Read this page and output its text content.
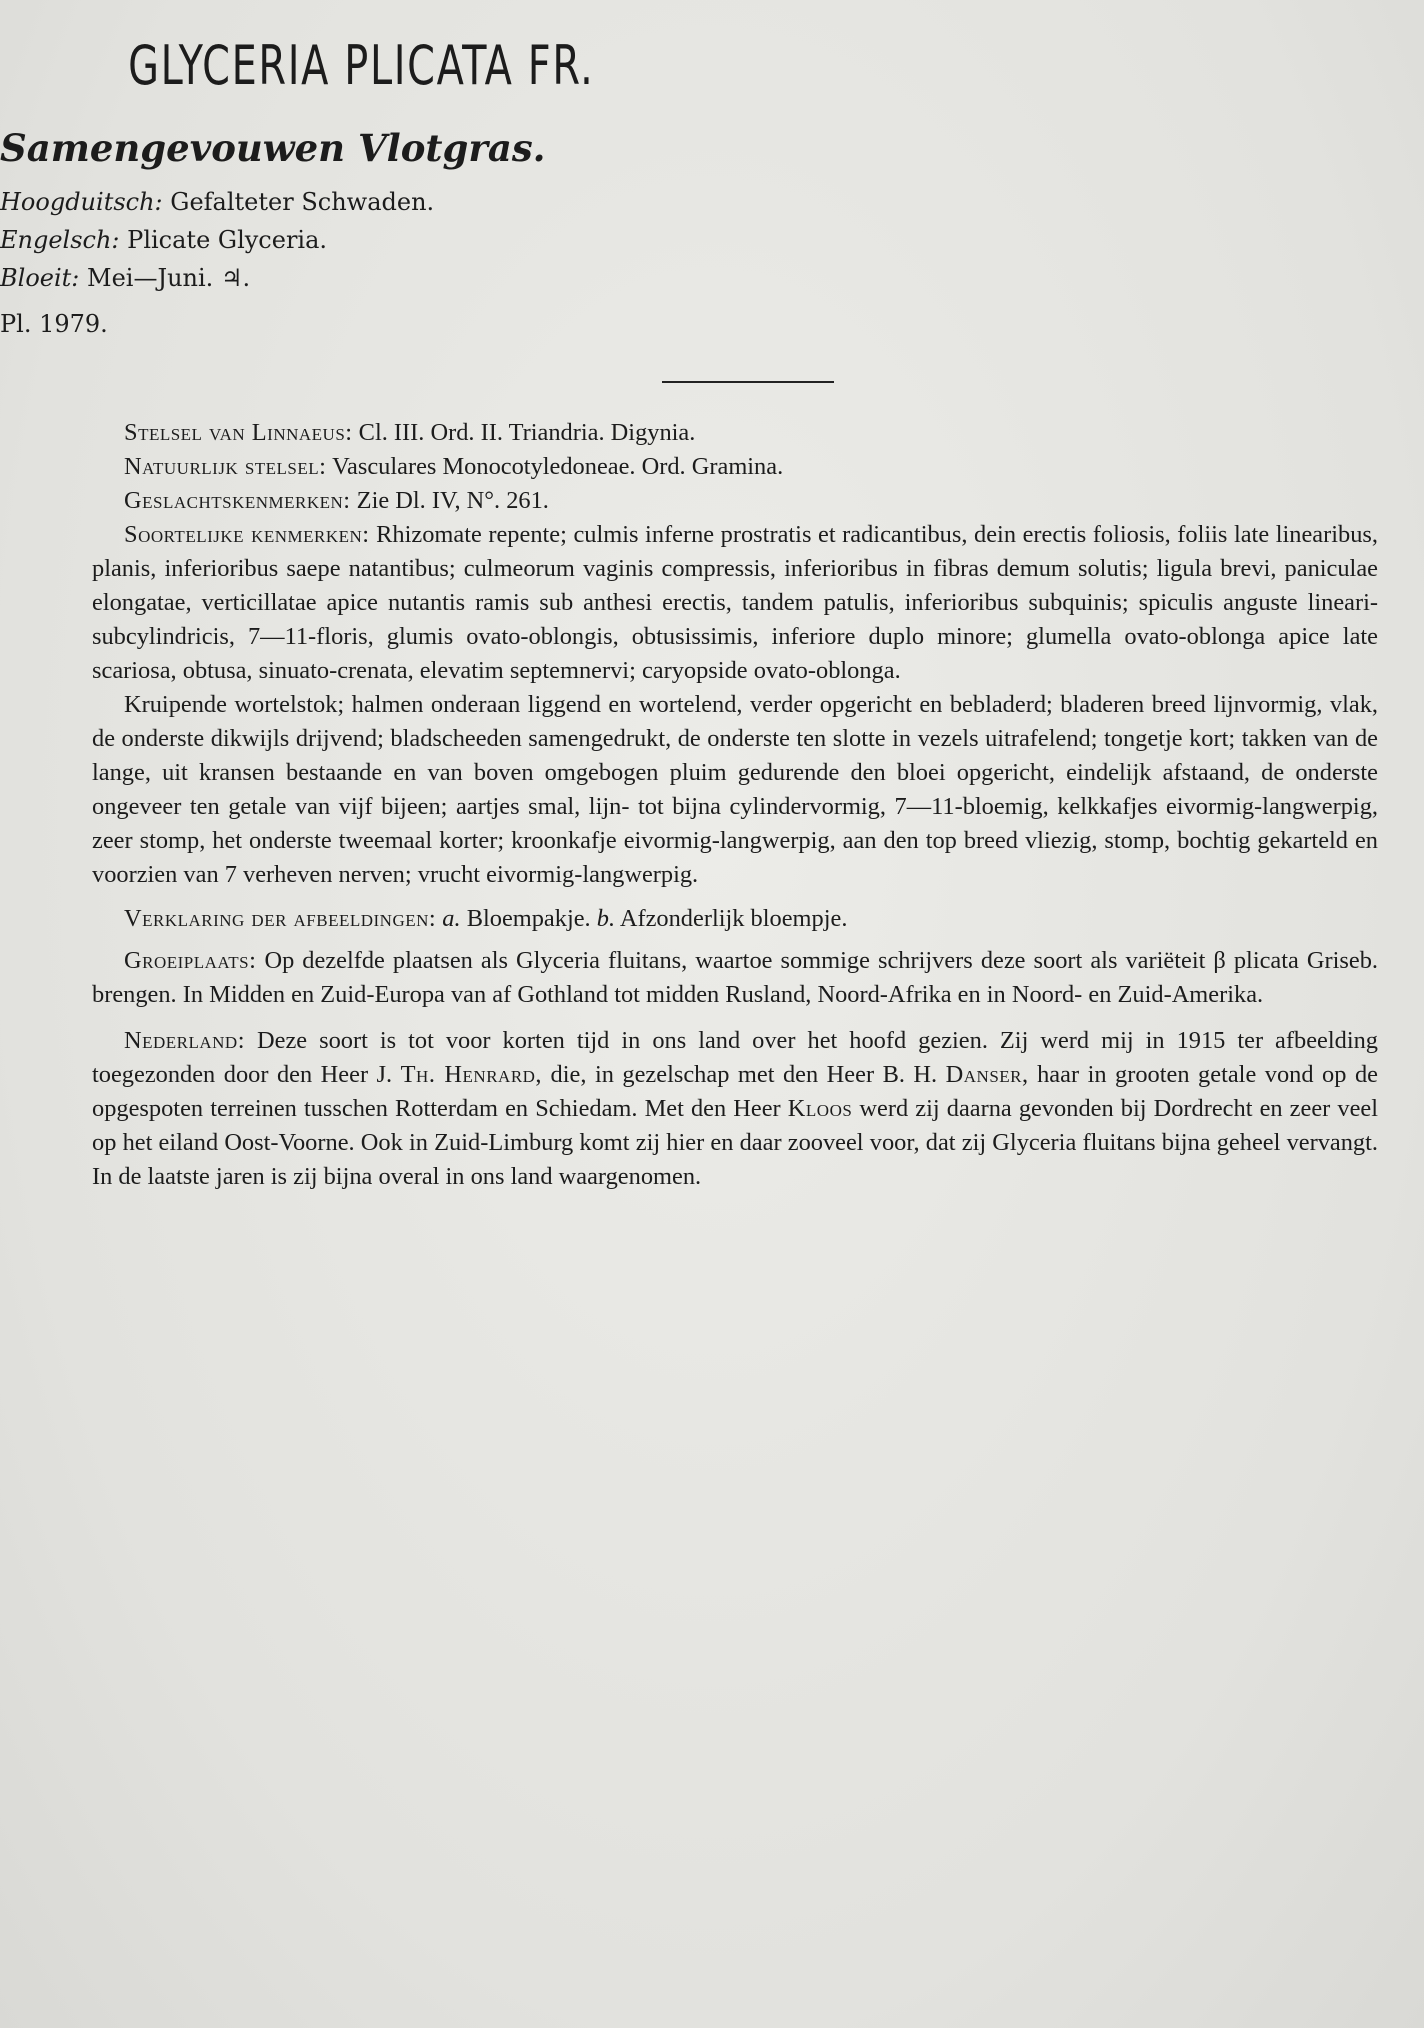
GLYCERIA PLICATA FR.
Samengevouwen Vlotgras.
Hoogduitsch: Gefalteter Schwaden.
Engelsch: Plicate Glyceria.
Bloeit: Mei—Juni. ♃.
Pl. 1979.

Stelsel van Linnaeus: Cl. III. Ord. II. Triandria. Digynia.

Natuurlijk stelsel: Vasculares Monocotyledoneae. Ord. Gramina.

Geslachtskenmerken: Zie Dl. IV, N°. 261.

Soortelijke kenmerken: Rhizomate repente; culmis inferne prostratis et radicantibus, dein erectis foliosis, foliis late linearibus, planis, inferioribus saepe natantibus; culmeorum vaginis compressis, inferioribus in fibras demum solutis; ligula brevi, paniculae elongatae, verticillatae apice nutantis ramis sub anthesi erectis, tandem patulis, inferioribus subquinis; spiculis anguste lineari-subcylindricis, 7—11-floris, glumis ovato-oblongis, obtusissimis, inferiore duplo minore; glumella ovato-oblonga apice late scariosa, obtusa, sinuato-crenata, elevatim septemnervi; caryopside ovato-oblonga.

Kruipende wortelstok; halmen onderaan liggend en wortelend, verder opgericht en bebladerd; bladeren breed lijnvormig, vlak, de onderste dikwijls drijvend; bladscheeden samengedrukt, de onderste ten slotte in vezels uitrafelend; tongetje kort; takken van de lange, uit kransen bestaande en van boven omgebogen pluim gedurende den bloei opgericht, eindelijk afstaand, de onderste ongeveer ten getale van vijf bijeen; aartjes smal, lijn- tot bijna cylindervormig, 7—11-bloemig, kelkkafjes eivormig-langwerpig, zeer stomp, het onderste tweemaal korter; kroonkafje eivormig-langwerpig, aan den top breed vliezig, stomp, bochtig gekarteld en voorzien van 7 verheven nerven; vrucht eivormig-langwerpig.

Verklaring der afbeeldingen: a. Bloempakje. b. Afzonderlijk bloempje.

Groeiplaats: Op dezelfde plaatsen als Glyceria fluitans, waartoe sommige schrijvers deze soort als variëteit β plicata Griseb. brengen. In Midden en Zuid-Europa van af Gothland tot midden Rusland, Noord-Afrika en in Noord- en Zuid-Amerika.

Nederland: Deze soort is tot voor korten tijd in ons land over het hoofd gezien. Zij werd mij in 1915 ter afbeelding toegezonden door den Heer J. Th. Henrard, die, in gezelschap met den Heer B. H. Danser, haar in grooten getale vond op de opgespoten terreinen tusschen Rotterdam en Schiedam. Met den Heer Kloos werd zij daarna gevonden bij Dordrecht en zeer veel op het eiland Oost-Voorne. Ook in Zuid-Limburg komt zij hier en daar zooveel voor, dat zij Glyceria fluitans bijna geheel vervangt. In de laatste jaren is zij bijna overal in ons land waargenomen.
